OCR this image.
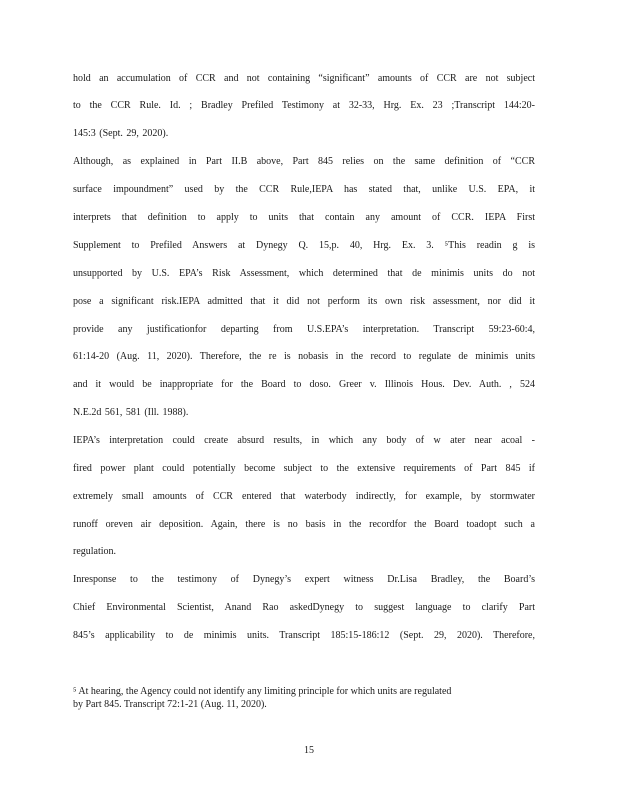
hold an accumulation of CCR and not containing “significant” amounts of CCR are not subject
to the CCR Rule. Id. ; Bradley Prefiled Testimony at 32-33, Hrg. Ex. 23 ;Transcript 144:20-
145:3 (Sept. 29, 2020).
Although, as explained in Part II.B above, Part 845 relies on the same definition of “CCR
surface impoundment” used by the CCR Rule,IEPA has stated that, unlike U.S. EPA, it
interprets that definition to apply to units that contain any amount of CCR. IEPA First
Supplement to Prefiled Answers at Dynegy Q. 15,p. 40, Hrg. Ex. 3. ⁵This readin g is
unsupported by U.S. EPA’s Risk Assessment, which determined that de minimis units do not
pose a significant risk.IEPA admitted that it did not perform its own risk assessment, nor did it
provide any justificationfor departing from U.S.EPA’s interpretation. Transcript 59:23-60:4,
61:14-20 (Aug. 11, 2020). Therefore, the re is nobasis in the record to regulate de minimis units
and it would be inappropriate for the Board to doso. Greer v. Illinois Hous. Dev. Auth. , 524
N.E.2d 561, 581 (Ill. 1988).
IEPA’s interpretation could create absurd results, in which any body of w ater near acoal -
fired power plant could potentially become subject to the extensive requirements of Part 845 if
extremely small amounts of CCR entered that waterbody indirectly, for example, by stormwater
runoff oreven air deposition. Again, there is no basis in the recordfor the Board toadopt such a
regulation.
Inresponse to the testimony of Dynegy’s expert witness Dr.Lisa Bradley, the Board’s
Chief Environmental Scientist, Anand Rao askedDynegy to suggest language to clarify Part
845’s applicability to de minimis units. Transcript 185:15-186:12 (Sept. 29, 2020). Therefore,
⁵ At hearing, the Agency could not identify any limiting principle for which units are regulated
by Part 845. Transcript 72:1-21 (Aug. 11, 2020).
15
